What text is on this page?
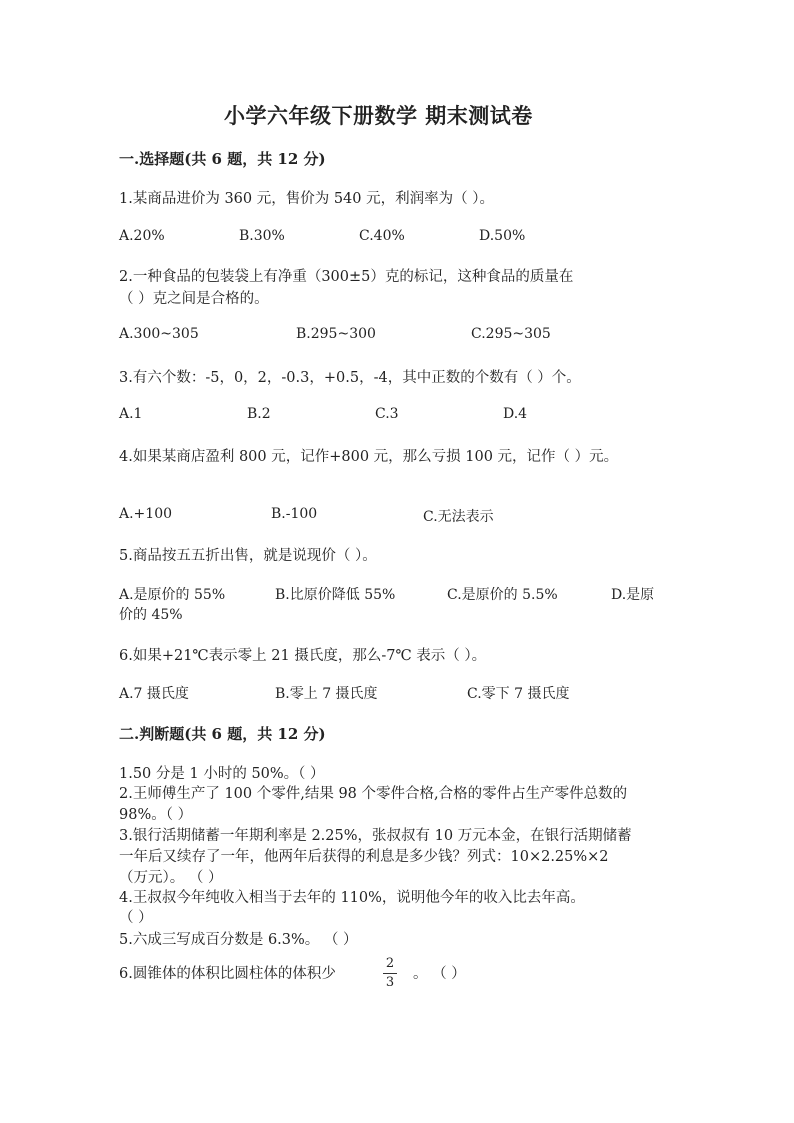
小学六年级下册数学 期末测试卷
一.选择题(共 6 题，共 12 分)
1.某商品进价为 360 元，售价为 540 元，利润率为（ ）。
A.20%	B.30%	C.40%	D.50%
2.一种食品的包装袋上有净重（300±5）克的标记，这种食品的质量在
（ ）克之间是合格的。
A.300~305	B.295~300	C.295~305
3.有六个数：-5，0，2，-0.3，+0.5，-4，其中正数的个数有（ ）个。
A.1	B.2	C.3	D.4
4.如果某商店盈利 800 元，记作+800 元，那么亏损 100 元，记作（ ）元。
A.+100	B.-100	C.无法表示
5.商品按五五折出售，就是说现价（ ）。
A.是原价的 55%	B.比原价降低 55%	C.是原价的 5.5%	D.是原
价的 45%
6.如果+21℃表示零上 21 摄氏度，那么-7℃ 表示（ ）。
A.7 摄氏度	B.零上 7 摄氏度	C.零下 7 摄氏度
二.判断题(共 6 题，共 12 分)
1.50 分是 1 小时的 50%。（ ）
2.王师傅生产了 100 个零件,结果 98 个零件合格,合格的零件占生产零件总数的
98%。（ ）
3.银行活期储蓄一年期利率是 2.25%，张叔叔有 10 万元本金，在银行活期储蓄
一年后又续存了一年，他两年后获得的利息是多少钱？列式：10×2.25%×2
（万元）。 （ ）
4.王叔叔今年纯收入相当于去年的 110%，说明他今年的收入比去年高。
（ ）
5.六成三写成百分数是 6.3%。 （ ）
6.圆锥体的体积比圆柱体的体积少
2
3
。 （ ）
